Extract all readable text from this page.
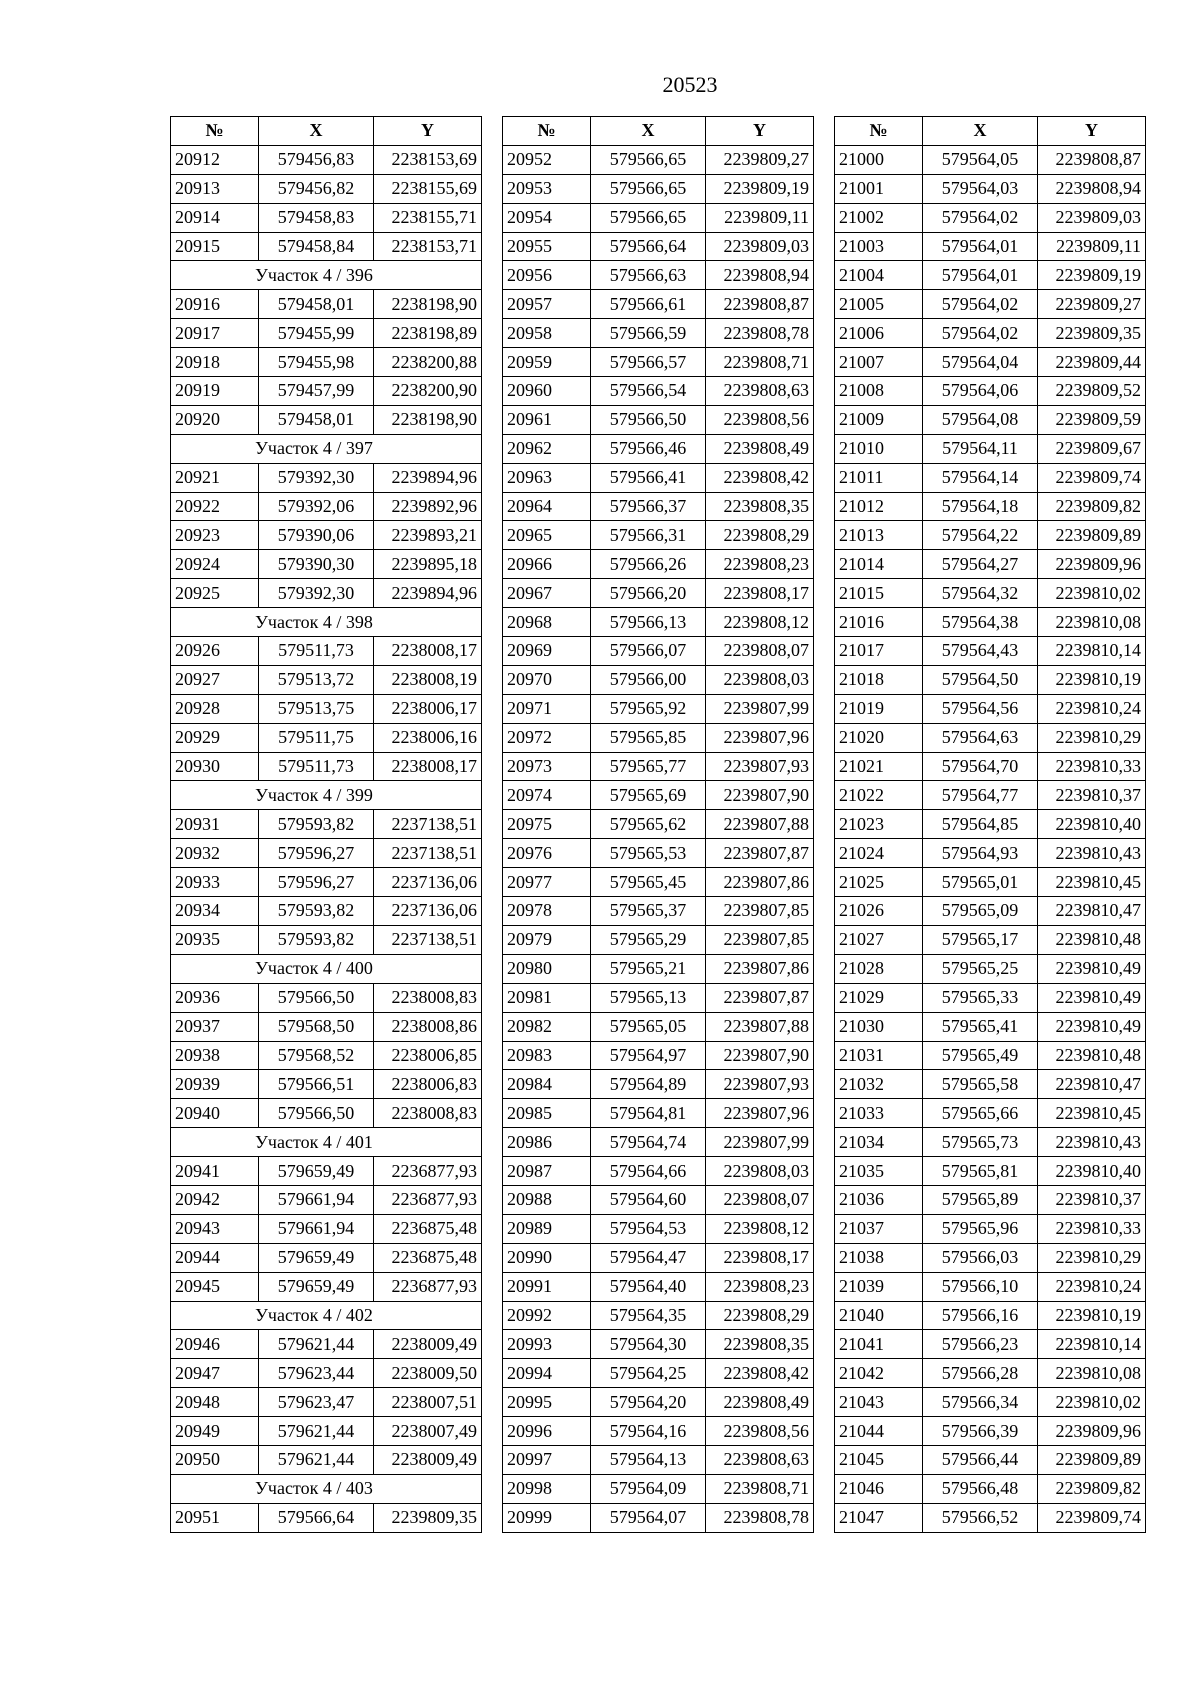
20523
№	X	Y
20912	579456,83	2238153,69
20913	579456,82	2238155,69
20914	579458,83	2238155,71
20915	579458,84	2238153,71
Участок 4 / 396		
20916	579458,01	2238198,90
20917	579455,99	2238198,89
20918	579455,98	2238200,88
20919	579457,99	2238200,90
20920	579458,01	2238198,90
Участок 4 / 397		
20921	579392,30	2239894,96
20922	579392,06	2239892,96
20923	579390,06	2239893,21
20924	579390,30	2239895,18
20925	579392,30	2239894,96
Участок 4 / 398		
20926	579511,73	2238008,17
20927	579513,72	2238008,19
20928	579513,75	2238006,17
20929	579511,75	2238006,16
20930	579511,73	2238008,17
Участок 4 / 399		
20931	579593,82	2237138,51
20932	579596,27	2237138,51
20933	579596,27	2237136,06
20934	579593,82	2237136,06
20935	579593,82	2237138,51
Участок 4 / 400		
20936	579566,50	2238008,83
20937	579568,50	2238008,86
20938	579568,52	2238006,85
20939	579566,51	2238006,83
20940	579566,50	2238008,83
Участок 4 / 401		
20941	579659,49	2236877,93
20942	579661,94	2236877,93
20943	579661,94	2236875,48
20944	579659,49	2236875,48
20945	579659,49	2236877,93
Участок 4 / 402		
20946	579621,44	2238009,49
20947	579623,44	2238009,50
20948	579623,47	2238007,51
20949	579621,44	2238007,49
20950	579621,44	2238009,49
Участок 4 / 403		
20951	579566,64	2239809,35
№	X	Y
20952	579566,65	2239809,27
20953	579566,65	2239809,19
20954	579566,65	2239809,11
20955	579566,64	2239809,03
20956	579566,63	2239808,94
20957	579566,61	2239808,87
20958	579566,59	2239808,78
20959	579566,57	2239808,71
20960	579566,54	2239808,63
20961	579566,50	2239808,56
20962	579566,46	2239808,49
20963	579566,41	2239808,42
20964	579566,37	2239808,35
20965	579566,31	2239808,29
20966	579566,26	2239808,23
20967	579566,20	2239808,17
20968	579566,13	2239808,12
20969	579566,07	2239808,07
20970	579566,00	2239808,03
20971	579565,92	2239807,99
20972	579565,85	2239807,96
20973	579565,77	2239807,93
20974	579565,69	2239807,90
20975	579565,62	2239807,88
20976	579565,53	2239807,87
20977	579565,45	2239807,86
20978	579565,37	2239807,85
20979	579565,29	2239807,85
20980	579565,21	2239807,86
20981	579565,13	2239807,87
20982	579565,05	2239807,88
20983	579564,97	2239807,90
20984	579564,89	2239807,93
20985	579564,81	2239807,96
20986	579564,74	2239807,99
20987	579564,66	2239808,03
20988	579564,60	2239808,07
20989	579564,53	2239808,12
20990	579564,47	2239808,17
20991	579564,40	2239808,23
20992	579564,35	2239808,29
20993	579564,30	2239808,35
20994	579564,25	2239808,42
20995	579564,20	2239808,49
20996	579564,16	2239808,56
20997	579564,13	2239808,63
20998	579564,09	2239808,71
20999	579564,07	2239808,78
№	X	Y
21000	579564,05	2239808,87
21001	579564,03	2239808,94
21002	579564,02	2239809,03
21003	579564,01	2239809,11
21004	579564,01	2239809,19
21005	579564,02	2239809,27
21006	579564,02	2239809,35
21007	579564,04	2239809,44
21008	579564,06	2239809,52
21009	579564,08	2239809,59
21010	579564,11	2239809,67
21011	579564,14	2239809,74
21012	579564,18	2239809,82
21013	579564,22	2239809,89
21014	579564,27	2239809,96
21015	579564,32	2239810,02
21016	579564,38	2239810,08
21017	579564,43	2239810,14
21018	579564,50	2239810,19
21019	579564,56	2239810,24
21020	579564,63	2239810,29
21021	579564,70	2239810,33
21022	579564,77	2239810,37
21023	579564,85	2239810,40
21024	579564,93	2239810,43
21025	579565,01	2239810,45
21026	579565,09	2239810,47
21027	579565,17	2239810,48
21028	579565,25	2239810,49
21029	579565,33	2239810,49
21030	579565,41	2239810,49
21031	579565,49	2239810,48
21032	579565,58	2239810,47
21033	579565,66	2239810,45
21034	579565,73	2239810,43
21035	579565,81	2239810,40
21036	579565,89	2239810,37
21037	579565,96	2239810,33
21038	579566,03	2239810,29
21039	579566,10	2239810,24
21040	579566,16	2239810,19
21041	579566,23	2239810,14
21042	579566,28	2239810,08
21043	579566,34	2239810,02
21044	579566,39	2239809,96
21045	579566,44	2239809,89
21046	579566,48	2239809,82
21047	579566,52	2239809,74
